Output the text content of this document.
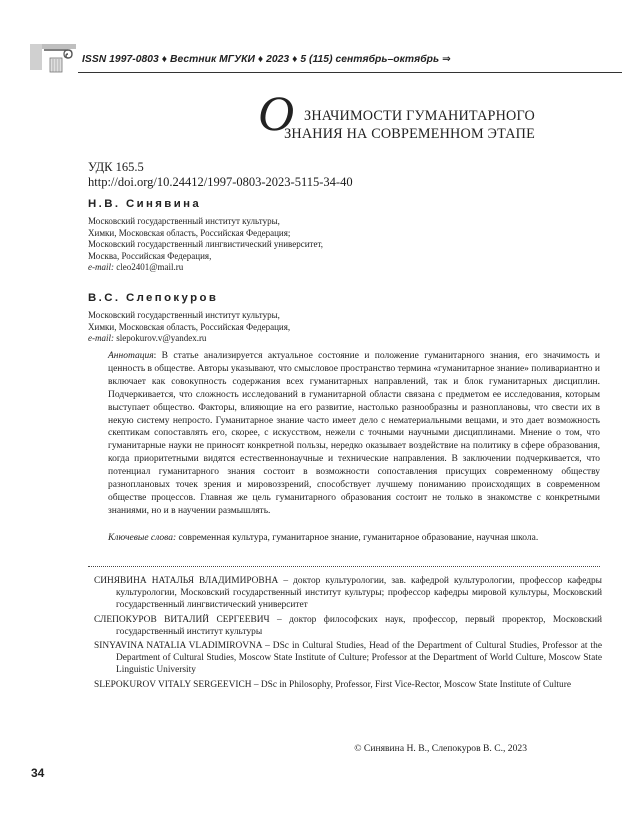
ISSN 1997-0803 ♦ Вестник МГУКИ ♦ 2023 ♦ 5 (115) сентябрь–октябрь ⇒
О ЗНАЧИМОСТИ ГУМАНИТАРНОГО
ЗНАНИЯ НА СОВРЕМЕННОМ ЭТАПЕ
УДК 165.5
http://doi.org/10.24412/1997-0803-2023-5115-34-40
Н.В. Синявина
Московский государственный институт культуры,
Химки, Московская область, Российская Федерация;
Московский государственный лингвистический университет,
Москва, Российская Федерация,
e-mail: cleo2401@mail.ru
В.С. Слепокуров
Московский государственный институт культуры,
Химки, Московская область, Российская Федерация,
e-mail: slepokurov.v@yandex.ru
Аннотация: В статье анализируется актуальное состояние и положение гуманитарного знания, его значимость и ценность в обществе. Авторы указывают, что смысловое пространство термина «гуманитарное знание» поливариантно и включает как совокупность содержания всех гуманитарных направлений, так и блок гуманитарных дисциплин. Подчеркивается, что сложность исследований в гуманитарной области связана с предметом ее исследования, которым выступает общество. Факторы, влияющие на его развитие, настолько разнообразны и разноплановы, что свести их в некую систему непросто. Гуманитарное знание часто имеет дело с нематериальными вещами, и это дает возможность скептикам сопоставлять его, скорее, с искусством, нежели с точными научными дисциплинами. Мнение о том, что гуманитарные науки не приносят конкретной пользы, нередко оказывает воздействие на политику в сфере образования, когда приоритетными видятся естественнонаучные и технические направления. В заключении подчеркивается, что потенциал гуманитарного знания состоит в возможности сопоставления присущих современному обществу разноплановых точек зрения и мировоззрений, способствует лучшему пониманию происходящих в современном обществе процессов. Главная же цель гуманитарного образования состоит не только в знакомстве с конкретными знаниями, но и в научении размышлять.
Ключевые слова: современная культура, гуманитарное знание, гуманитарное образование, научная школа.
СИНЯВИНА НАТАЛЬЯ ВЛАДИМИРОВНА – доктор культурологии, зав. кафедрой культурологии, профессор кафедры культурологии, Московский государственный институт культуры; профессор кафедры мировой культуры, Московский государственный лингвистический университет
СЛЕПОКУРОВ ВИТАЛИЙ СЕРГЕЕВИЧ – доктор философских наук, профессор, первый проректор, Московский государственный институт культуры
SINYAVINA NATALIA VLADIMIROVNA – DSc in Cultural Studies, Head of the Department of Cultural Studies, Professor at the Department of Cultural Studies, Moscow State Institute of Culture; Professor at the Department of World Culture, Moscow State Linguistic University
SLEPOKUROV VITALY SERGEEVICH – DSc in Philosophy, Professor, First Vice-Rector, Moscow State Institute of Culture
© Синявина Н. В., Слепокуров В. С., 2023
34
